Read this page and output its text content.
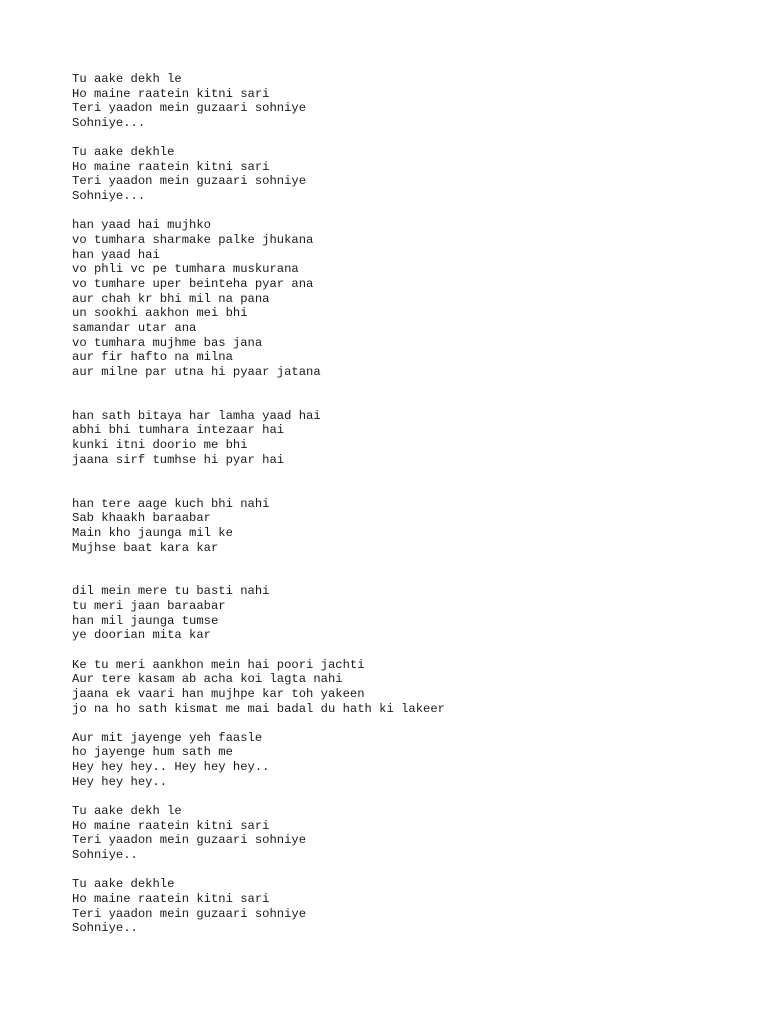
Tu aake dekh le
Ho maine raatein kitni sari
Teri yaadon mein guzaari sohniye
Sohniye...

Tu aake dekhle
Ho maine raatein kitni sari
Teri yaadon mein guzaari sohniye
Sohniye...

han yaad hai mujhko
vo tumhara sharmake palke jhukana
han yaad hai
vo phli vc pe tumhara muskurana
vo tumhare uper beinteha pyar ana
aur chah kr bhi mil na pana
un sookhi aakhon mei bhi
samandar utar ana
vo tumhara mujhme bas jana
aur fir hafto na milna
aur milne par utna hi pyaar jatana

han sath bitaya har lamha yaad hai
abhi bhi tumhara intezaar hai
kunki itni doorio me bhi
jaana sirf tumhse hi pyar hai

han tere aage kuch bhi nahi
Sab khaakh baraabar
Main kho jaunga mil ke
Mujhse baat kara kar

dil mein mere tu basti nahi
tu meri jaan baraabar
han mil jaunga tumse
ye doorian mita kar

Ke tu meri aankhon mein hai poori jachti
Aur tere kasam ab acha koi lagta nahi
jaana ek vaari han mujhpe kar toh yakeen
jo na ho sath kismat me mai badal du hath ki lakeer

Aur mit jayenge yeh faasle
ho jayenge hum sath me
Hey hey hey.. Hey hey hey..
Hey hey hey..

Tu aake dekh le
Ho maine raatein kitni sari
Teri yaadon mein guzaari sohniye
Sohniye..

Tu aake dekhle
Ho maine raatein kitni sari
Teri yaadon mein guzaari sohniye
Sohniye..
